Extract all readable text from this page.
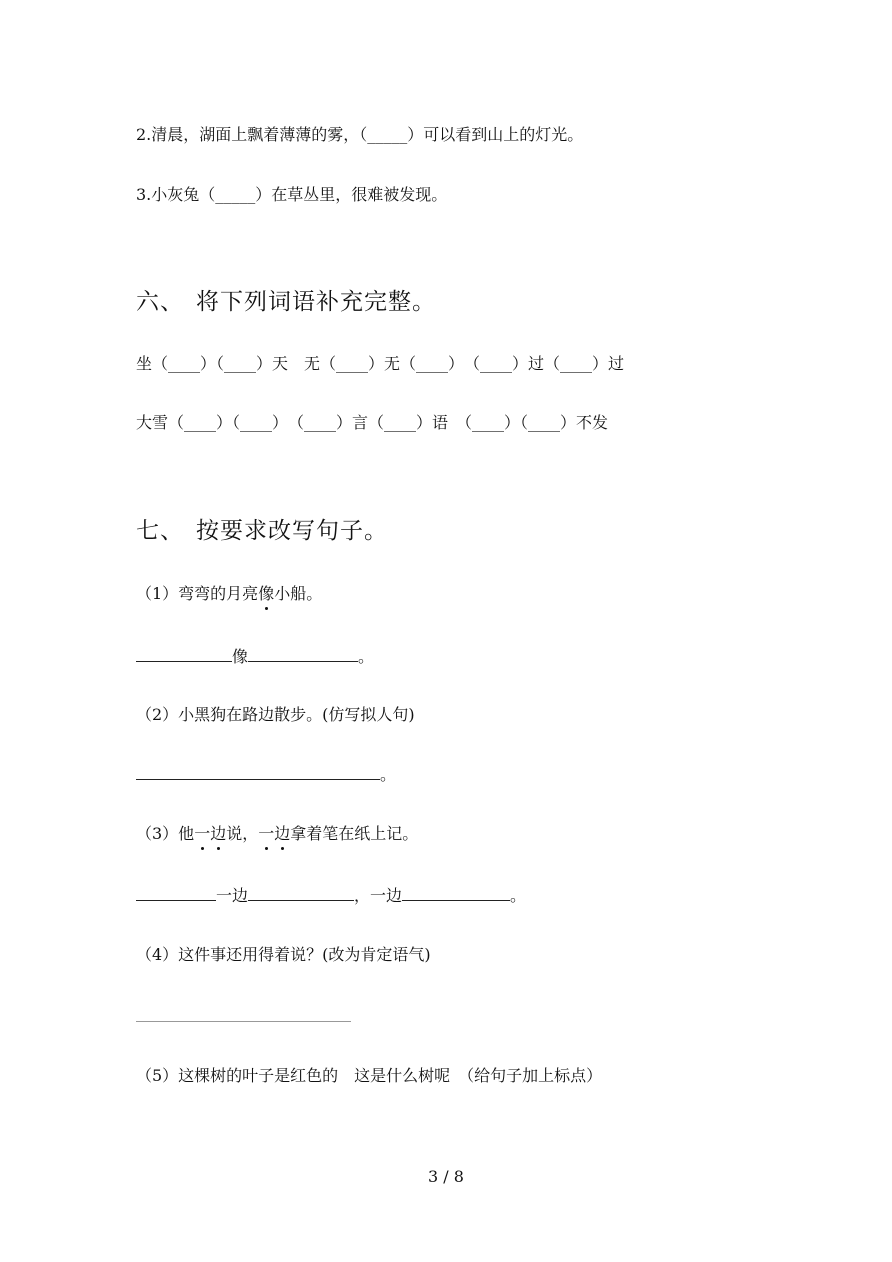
2.清晨，湖面上飘着薄薄的雾，（_____）可以看到山上的灯光。
3.小灰兔（_____）在草丛里，很难被发现。
六、 将下列词语补充完整。
坐（____）（____）天　无（____）无（____）　（____）过（____）过
大雪（____）（____）　（____）言（____）语　（____）（____）不发
七、 按要求改写句子。
（1）弯弯的月亮像小船。
像	。
（2）小黑狗在路边散步。(仿写拟人句)
。
（3）他一边说，一边拿着笔在纸上记。
一边	，一边	。
（4）这件事还用得着说？(改为肯定语气)
（5）这棵树的叶子是红色的　这是什么树呢　（给句子加上标点）
3 / 8
